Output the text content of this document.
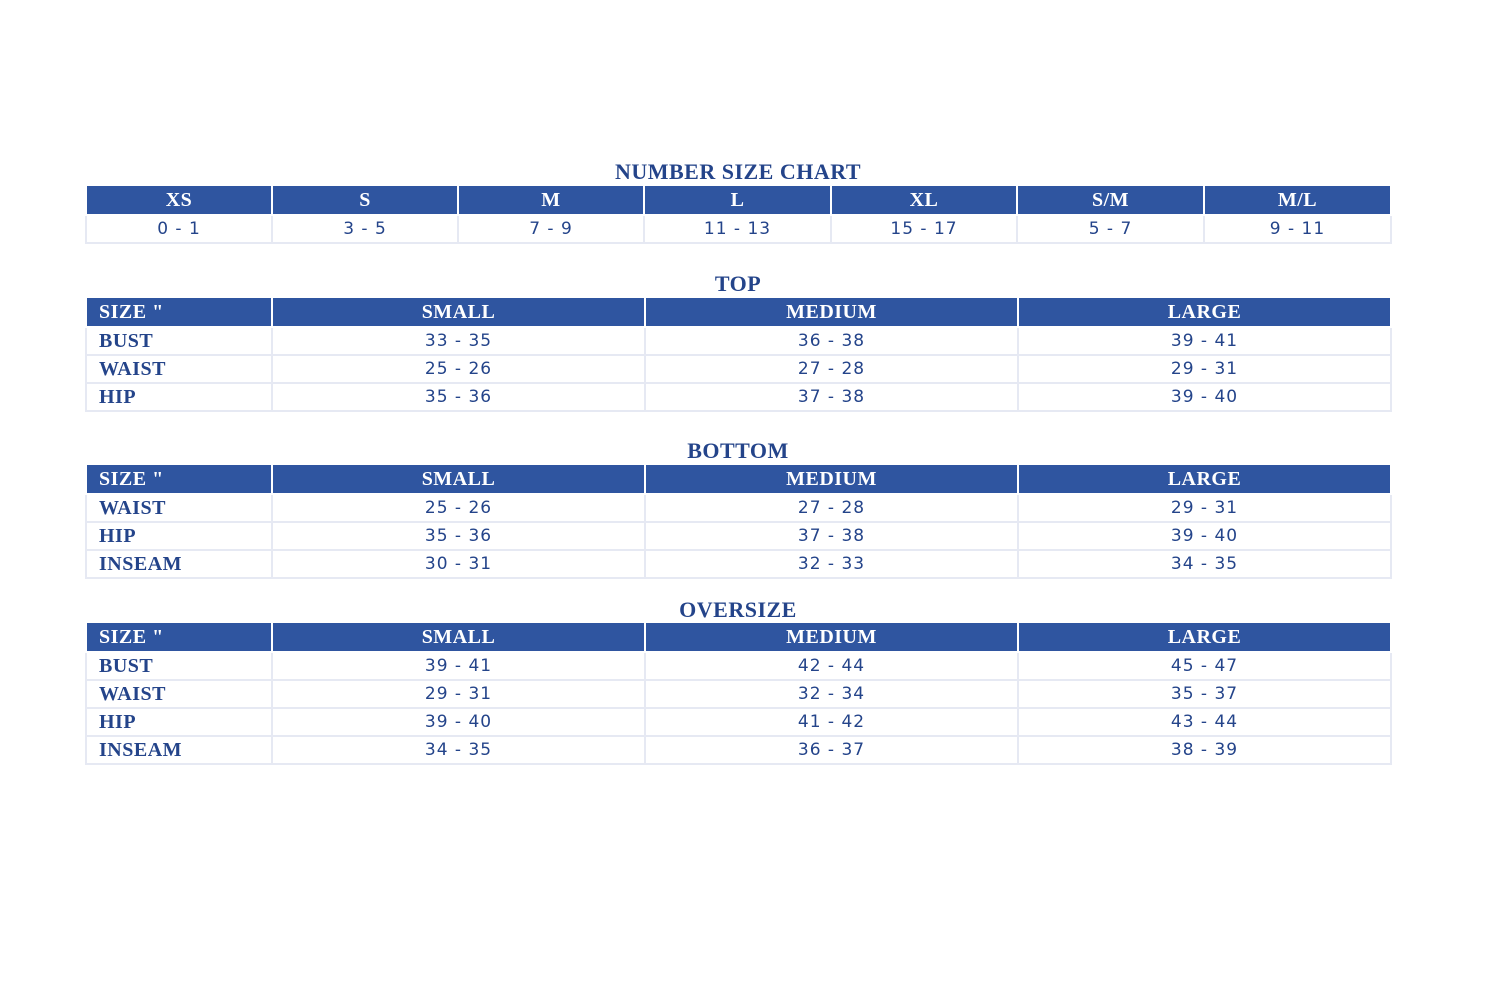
NUMBER SIZE CHART
XS	S	M	L	XL	S/M	M/L
0 - 1	3 - 5	7 - 9	11 - 13	15 - 17	5 - 7	9 - 11
TOP
SIZE "	SMALL	MEDIUM	LARGE
BUST	33 - 35	36 - 38	39 - 41
WAIST	25 - 26	27 - 28	29 - 31
HIP	35 - 36	37 - 38	39 - 40
BOTTOM
SIZE "	SMALL	MEDIUM	LARGE
WAIST	25 - 26	27 - 28	29 - 31
HIP	35 - 36	37 - 38	39 - 40
INSEAM	30 - 31	32 - 33	34 - 35
OVERSIZE
SIZE "	SMALL	MEDIUM	LARGE
BUST	39 - 41	42 - 44	45 - 47
WAIST	29 - 31	32 - 34	35 - 37
HIP	39 - 40	41 - 42	43 - 44
INSEAM	34 - 35	36 - 37	38 - 39
